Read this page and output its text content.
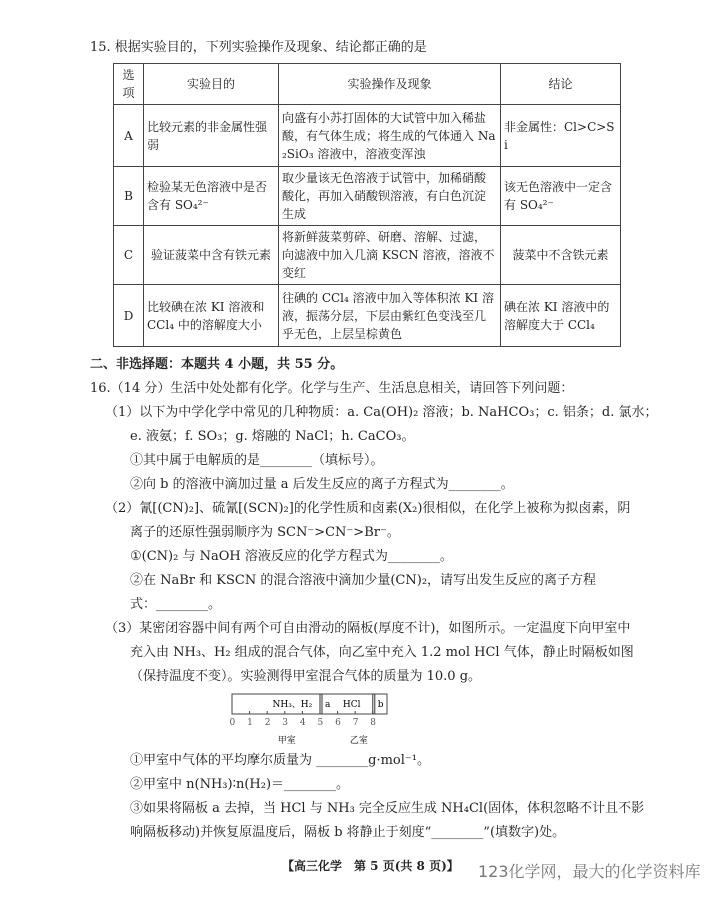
15. 根据实验目的，下列实验操作及现象、结论都正确的是
选项	实验目的	实验操作及现象	结论
A	比较元素的非金属性强弱	向盛有小苏打固体的大试管中加入稀盐酸，有气体生成；将生成的气体通入 Na₂SiO₃ 溶液中，溶液变浑浊	非金属性：Cl>C>Si
B	检验某无色溶液中是否含有 SO₄²⁻	取少量该无色溶液于试管中，加稀硝酸酸化，再加入硝酸钡溶液，有白色沉淀生成	该无色溶液中一定含有 SO₄²⁻
C	验证菠菜中含有铁元素	将新鲜菠菜剪碎、研磨、溶解、过滤，向滤液中加入几滴 KSCN 溶液，溶液不变红	菠菜中不含铁元素
D	比较碘在浓 KI 溶液和 CCl₄ 中的溶解度大小	往碘的 CCl₄ 溶液中加入等体积浓 KI 溶液，振荡分层，下层由紫红色变浅至几乎无色，上层呈棕黄色	碘在浓 KI 溶液中的溶解度大于 CCl₄
二、非选择题：本题共 4 小题，共 55 分。
16.（14 分）生活中处处都有化学。化学与生产、生活息息相关，请回答下列问题：
（1）以下为中学化学中常见的几种物质：a. Ca(OH)₂ 溶液；b. NaHCO₃；c. 铝条；d. 氯水；
e. 液氨；f. SO₃；g. 熔融的 NaCl；h. CaCO₃。
①其中属于电解质的是________（填标号）。
②向 b 的溶液中滴加过量 a 后发生反应的离子方程式为________。
（2）氰[(CN)₂]、硫氰[(SCN)₂]的化学性质和卤素(X₂)很相似，在化学上被称为拟卤素，阴
离子的还原性强弱顺序为 SCN⁻>CN⁻>Br⁻。
①(CN)₂ 与 NaOH 溶液反应的化学方程式为________。
②在 NaBr 和 KSCN 的混合溶液中滴加少量(CN)₂，请写出发生反应的离子方程
式：________。
（3）某密闭容器中间有两个可自由滑动的隔板(厚度不计)，如图所示。一定温度下向甲室中
充入由 NH₃、H₂ 组成的混合气体，向乙室中充入 1.2 mol HCl 气体，静止时隔板如图
（保持温度不变）。实验测得甲室混合气体的质量为 10.0 g。
NH₃、H₂ a HCl b
0 1 2 3 4 5 6 7 8
甲室	乙室
①甲室中气体的平均摩尔质量为 ________g·mol⁻¹。
②甲室中 n(NH₃)∶n(H₂)＝________。
③如果将隔板 a 去掉，当 HCl 与 NH₃ 完全反应生成 NH₄Cl(固体，体积忽略不计且不影
响隔板移动)并恢复原温度后，隔板 b 将静止于刻度“________”(填数字)处。
【高三化学　第 5 页(共 8 页)】 123化学网，最大的化学资料库
